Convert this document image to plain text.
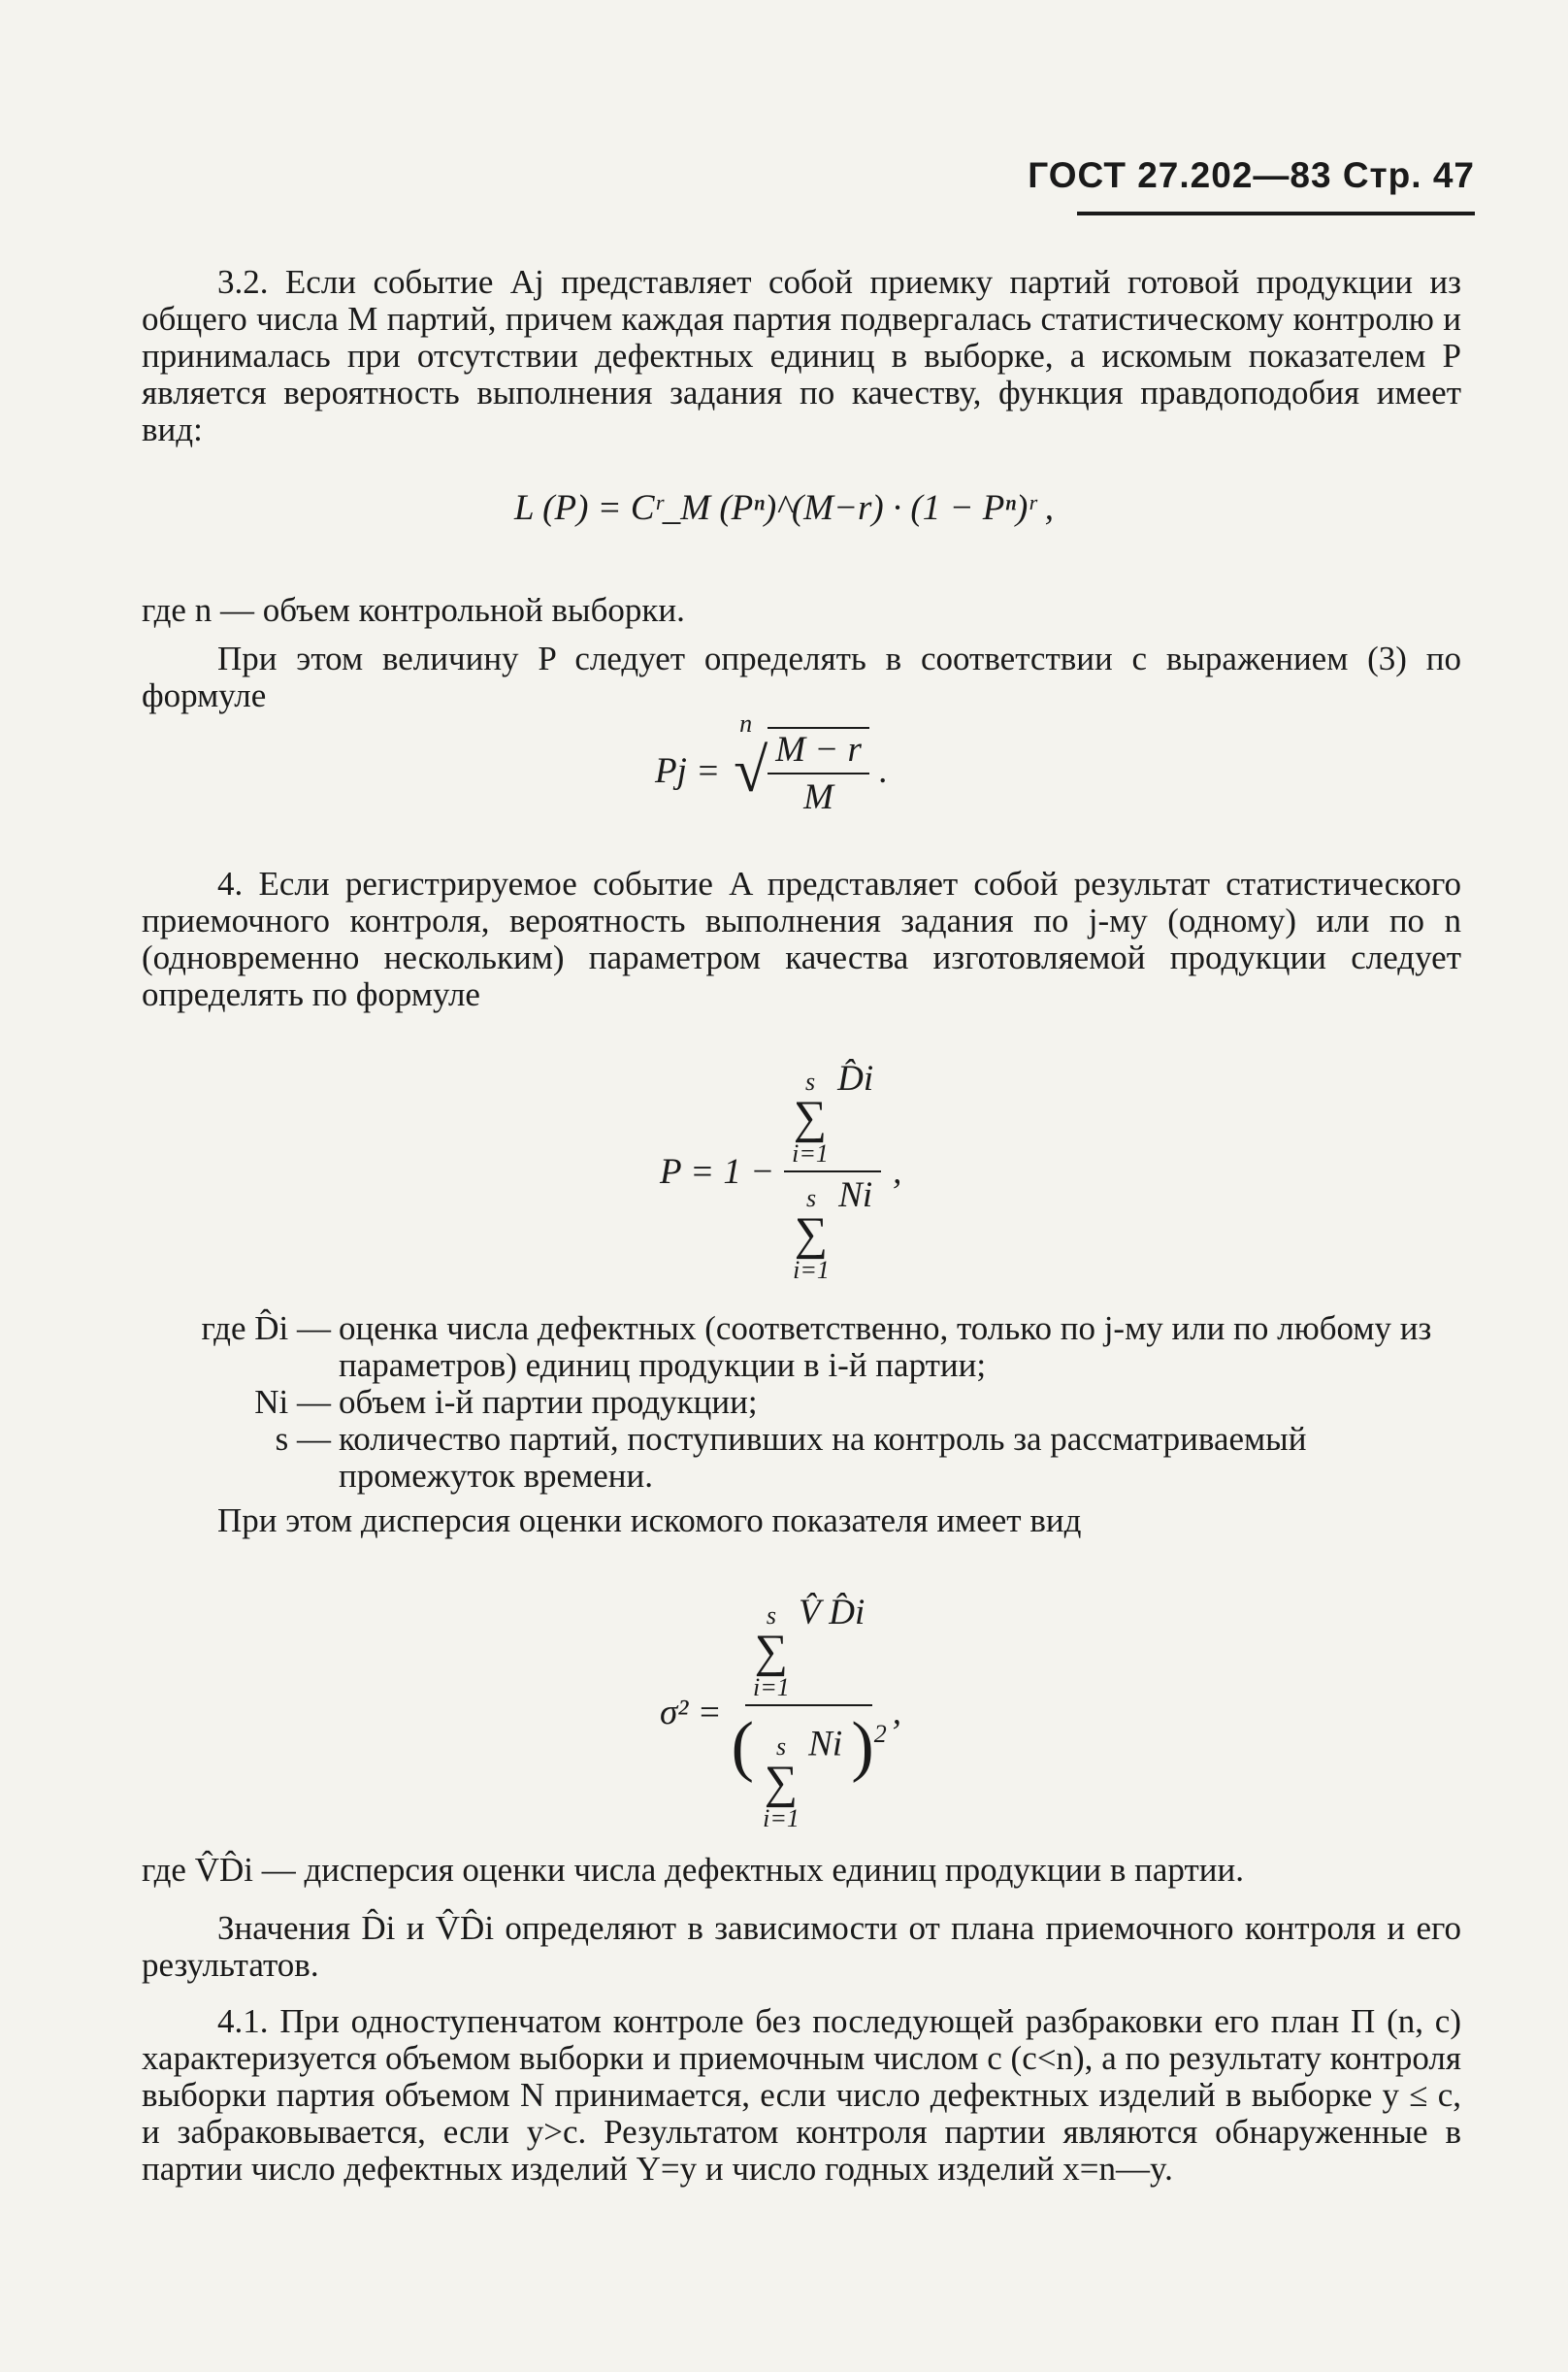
ГОСТ 27.202—83 Стр. 47

3.2. Если событие Aj представляет собой приемку партий готовой продукции из общего числа M партий, причем каждая партия подвергалась статистическому контролю и принималась при отсутствии дефектных единиц в выборке, а искомым показателем P является вероятность выполнения задания по качеству, функция правдоподобия имеет вид:

L (P) = Cʳ_M (Pⁿ)^(M−r) · (1 − Pⁿ)ʳ ,

где n — объем контрольной выборки.

При этом величину P следует определять в соответствии с выражением (3) по формуле

Pj =
n
√ $\frac{M - r}{M}$ .

4. Если регистрируемое событие A представляет собой результат статистического приемочного контроля, вероятность выполнения задания по j-му (одному) или по n (одновременно нескольким) параметром качества изготовляемой продукции следует определять по формуле

P = 1 − s
∑
i=1
D̂i
s
∑
i=1
Ni ,
где D̂i — оценка числа дефектных (соответственно, только по j-му или по любому из параметров) единиц продукции в i-й партии;
Ni — объем i-й партии продукции;
s — количество партий, поступивших на контроль за рассматриваемый промежуток времени.

При этом дисперсия оценки искомого показателя имеет вид

σ² =
s
∑
i=1
V̂ D̂i
( s
∑
i=1
Ni )$^2$
,

где V̂D̂i — дисперсия оценки числа дефектных единиц продукции в партии.

Значения D̂i и V̂D̂i определяют в зависимости от плана приемочного контроля и его результатов.

4.1. При одноступенчатом контроле без последующей разбраковки его план П (n, c) характеризуется объемом выборки и приемочным числом c (c<n), а по результату контроля выборки партия объемом N принимается, если число дефектных изделий в выборке y ≤ c, и забраковывается, если y>c. Результатом контроля партии являются обнаруженные в партии число дефектных изделий Y=y и число годных изделий x=n—y.
